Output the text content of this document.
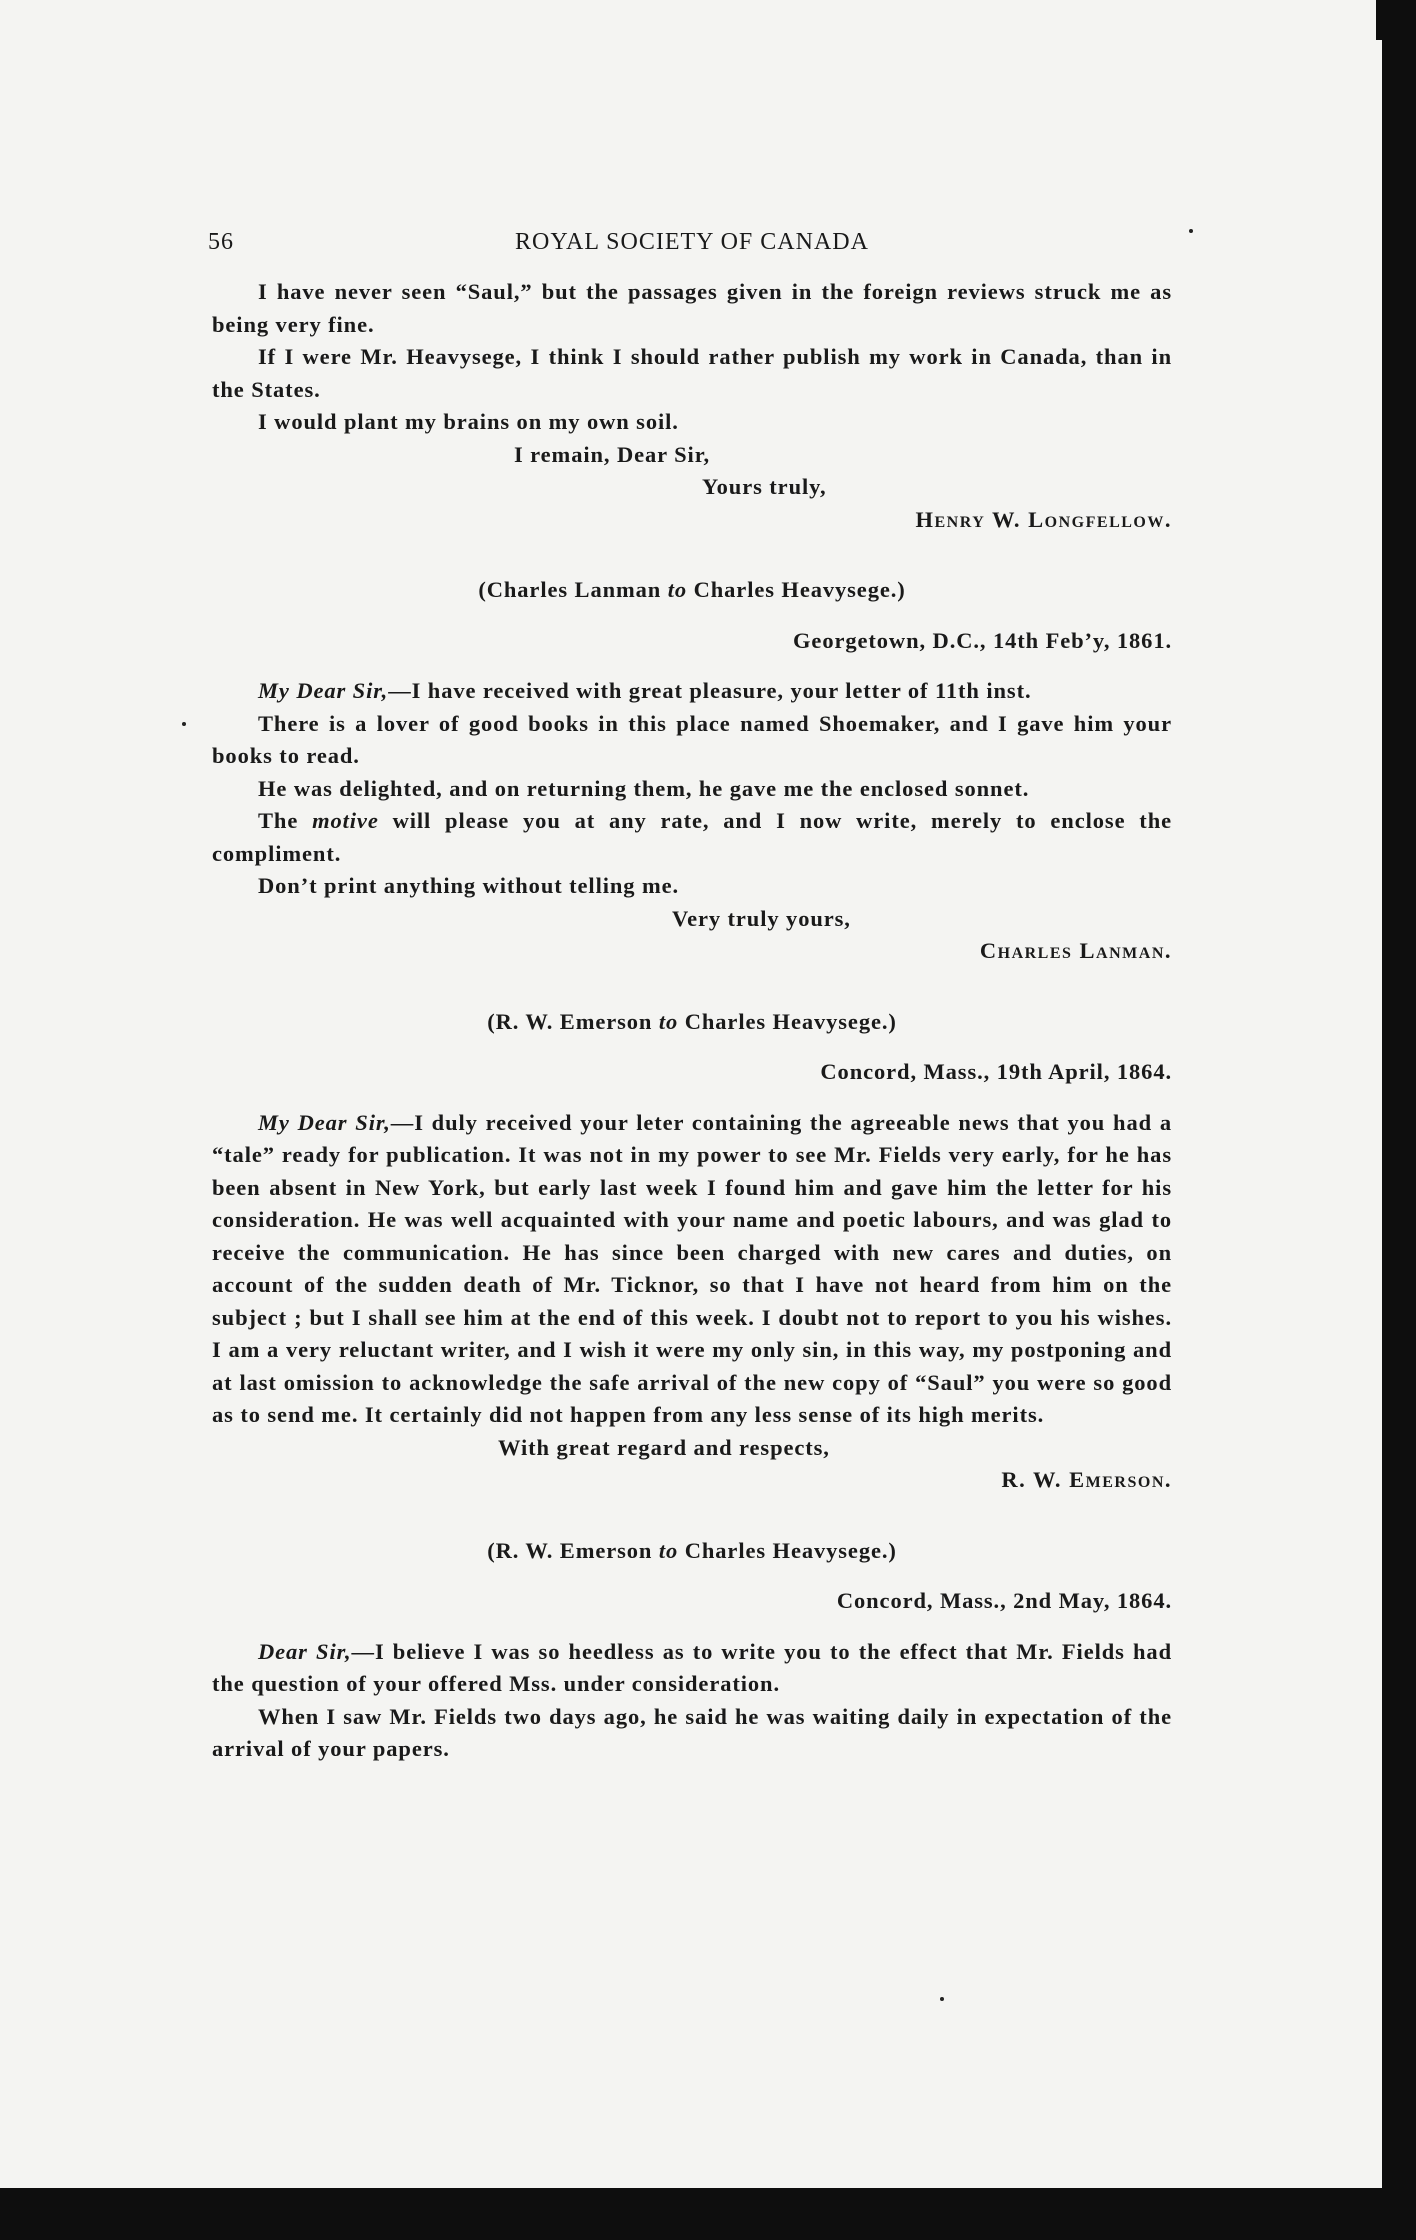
56	ROYAL SOCIETY OF CANADA

I have never seen “Saul,” but the passages given in the foreign reviews struck me as being very fine.

If I were Mr. Heavysege, I think I should rather publish my work in Canada, than in the States.

I would plant my brains on my own soil.

I remain, Dear Sir,

Yours truly,

Henry W. Longfellow.

(Charles Lanman to Charles Heavysege.)

Georgetown, D.C., 14th Feb’y, 1861.

My Dear Sir,—I have received with great pleasure, your letter of 11th inst.

There is a lover of good books in this place named Shoemaker, and I gave him your books to read.

He was delighted, and on returning them, he gave me the enclosed sonnet.

The motive will please you at any rate, and I now write, merely to enclose the compliment.

Don’t print anything without telling me.

Very truly yours,

Charles Lanman.

(R. W. Emerson to Charles Heavysege.)

Concord, Mass., 19th April, 1864.

My Dear Sir,—I duly received your leter containing the agreeable news that you had a “tale” ready for publication. It was not in my power to see Mr. Fields very early, for he has been absent in New York, but early last week I found him and gave him the letter for his consideration. He was well acquainted with your name and poetic labours, and was glad to receive the communication. He has since been charged with new cares and duties, on account of the sudden death of Mr. Ticknor, so that I have not heard from him on the subject ; but I shall see him at the end of this week. I doubt not to report to you his wishes. I am a very reluctant writer, and I wish it were my only sin, in this way, my postponing and at last omission to acknowledge the safe arrival of the new copy of “Saul” you were so good as to send me. It certainly did not happen from any less sense of its high merits.

With great regard and respects,

R. W. Emerson.

(R. W. Emerson to Charles Heavysege.)

Concord, Mass., 2nd May, 1864.

Dear Sir,—I believe I was so heedless as to write you to the effect that Mr. Fields had the question of your offered Mss. under consideration.

When I saw Mr. Fields two days ago, he said he was waiting daily in expectation of the arrival of your papers.
